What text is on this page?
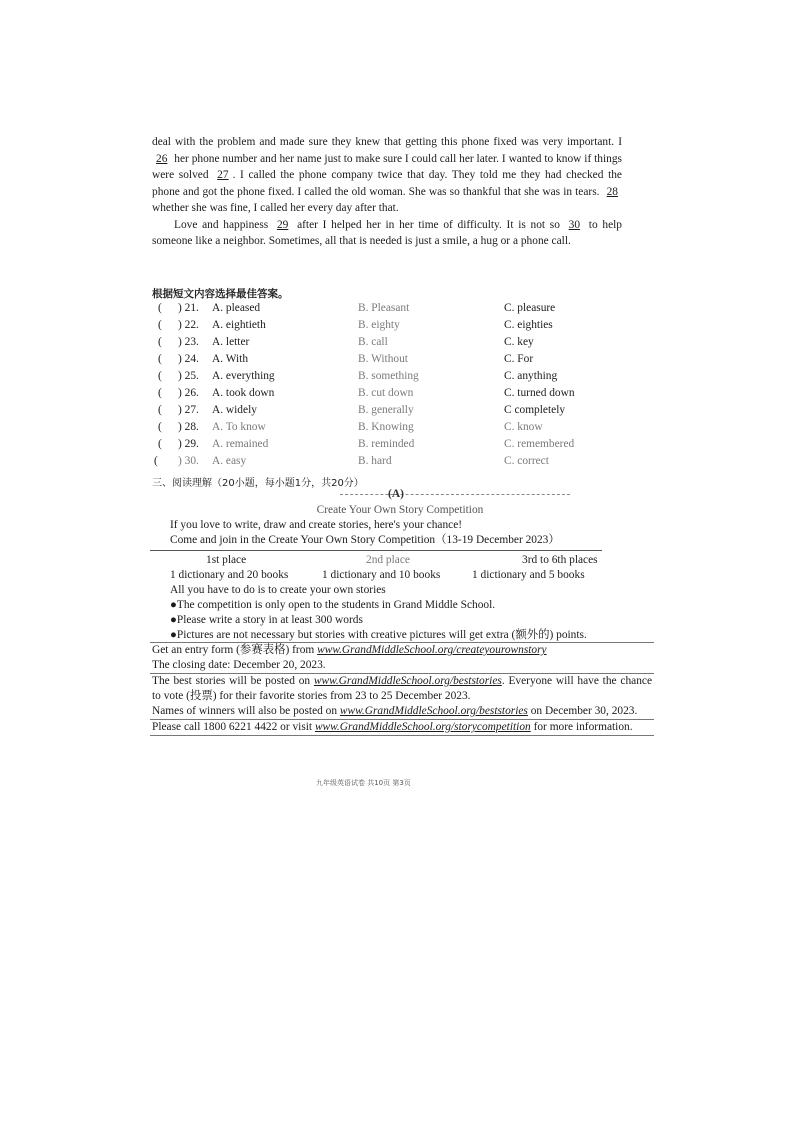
deal with the problem and made sure they knew that getting this phone fixed was very important. I 26 her phone number and her name just to make sure I could call her later. I wanted to know if things were solved 27 . I called the phone company twice that day. They told me they had checked the phone and got the phone fixed. I called the old woman. She was so thankful that she was in tears. 28 whether she was fine, I called her every day after that.

Love and happiness 29 after I helped her in her time of difficulty. It is not so 30 to help someone like a neighbor. Sometimes, all that is needed is just a smile, a hug or a phone call.

根据短文内容选择最佳答案。
( ) 21. A. pleased	B. Pleasant	C. pleasure
( ) 22. A. eightieth	B. eighty	C. eighties
( ) 23. A. letter	B. call	C. key
( ) 24. A. With	B. Without	C. For
( ) 25. A. everything	B. something	C. anything
( ) 26. A. took down	B. cut down	C. turned down
( ) 27. A. widely	B. generally	C completely
( ) 28. A. To know	B. Knowing	C. know
( ) 29. A. remained	B. reminded	C. remembered
( ) 30. A. easy	B. hard	C. correct
三、阅读理解（20小题，每小题1分，共20分）
(A)
Create Your Own Story Competition
If you love to write, draw and create stories, here's your chance!
Come and join in the Create Your Own Story Competition（13-19 December 2023）
1st place	2nd place	3rd to 6th places
1 dictionary and 20 books	1 dictionary and 10 books	1 dictionary and 5 books
All you have to do is to create your own stories
●The competition is only open to the students in Grand Middle School.
●Please write a story in at least 300 words
●Pictures are not necessary but stories with creative pictures will get extra (额外的) points.
Get an entry form (参赛表格) from www.GrandMiddleSchool.org/createyourownstory
The closing date: December 20, 2023.
The best stories will be posted on www.GrandMiddleSchool.org/beststories. Everyone will have the chance to vote (投票) for their favorite stories from 23 to 25 December 2023.
Names of winners will also be posted on www.GrandMiddleSchool.org/beststories on December 30, 2023.
Please call 1800 6221 4422 or visit www.GrandMiddleSchool.org/storycompetition for more information.
九年级英语试卷 共10页 第3页
